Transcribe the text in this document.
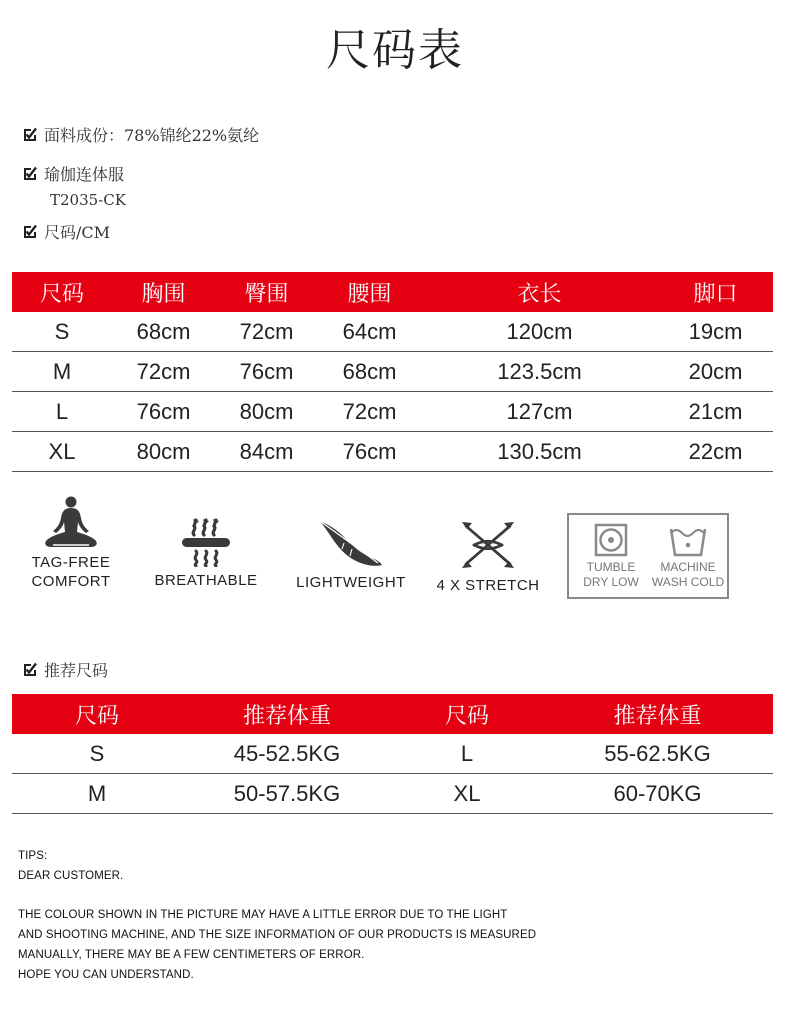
尺码表
面料成份：78%锦纶22%氨纶
瑜伽连体服
T2035-CK
尺码/CM
尺码	胸围	臀围	腰围	衣长	脚口
S	68cm	72cm	64cm	120cm	19cm
M	72cm	76cm	68cm	123.5cm	20cm
L	76cm	80cm	72cm	127cm	21cm
XL	80cm	84cm	76cm	130.5cm	22cm
TAG-FREE
COMFORT	BREATHABLE	LIGHTWEIGHT 4 X STRETCH
TUMBLE
DRY LOW
MACHINE
WASH COLD
推荐尺码
尺码	推荐体重	尺码	推荐体重
S	45-52.5KG	L	55-62.5KG
M	50-57.5KG	XL	60-70KG
TIPS:
DEAR CUSTOMER.
THE COLOUR SHOWN IN THE PICTURE MAY HAVE A LITTLE ERROR DUE TO THE LIGHT
AND SHOOTING MACHINE, AND THE SIZE INFORMATION OF OUR PRODUCTS IS MEASURED
MANUALLY, THERE MAY BE A FEW CENTIMETERS OF ERROR.
HOPE YOU CAN UNDERSTAND.
